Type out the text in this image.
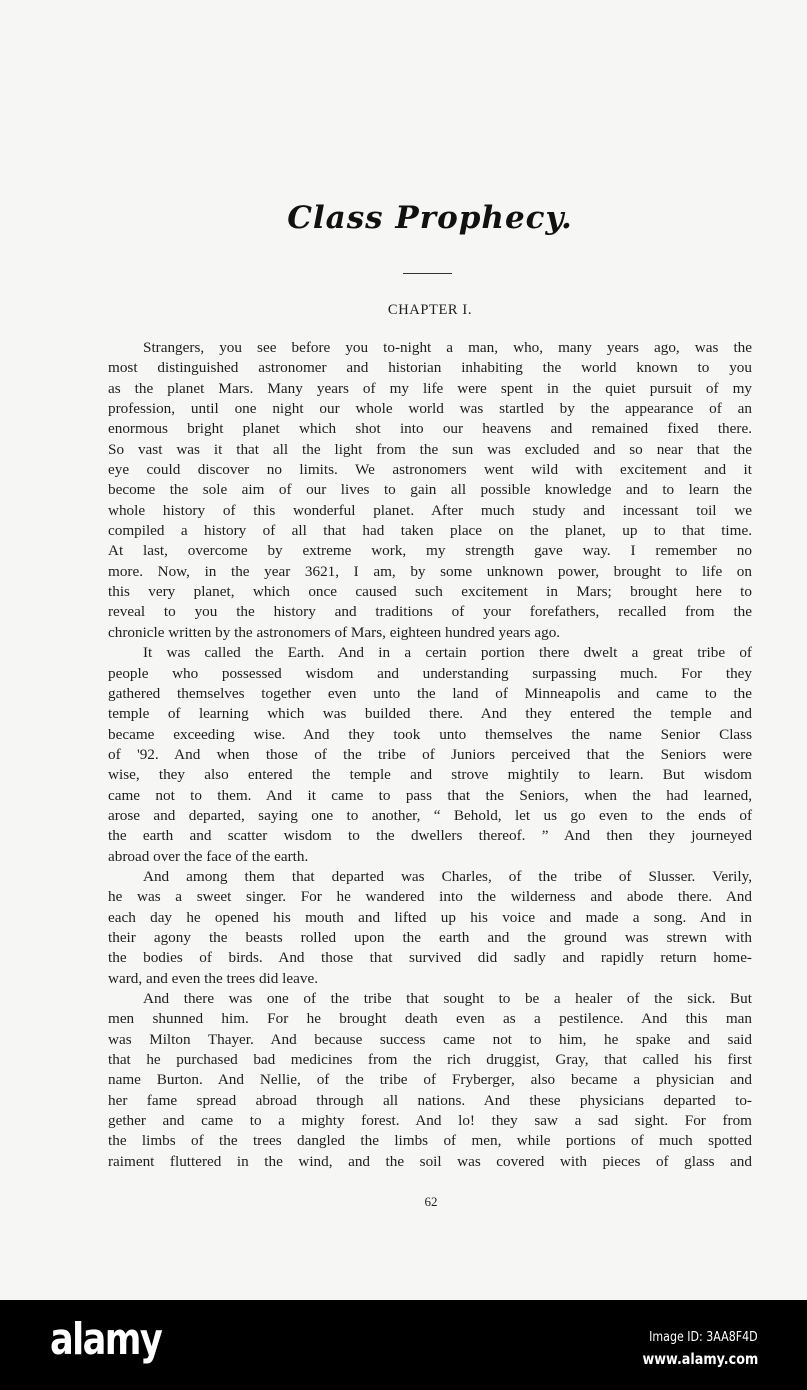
Class Prophecy.
CHAPTER I.
Strangers, you see before you to-night a man, who, many years ago, was the
most distinguished astronomer and historian inhabiting the world known to you
as the planet Mars. Many years of my life were spent in the quiet pursuit of my
profession, until one night our whole world was startled by the appearance of an
enormous bright planet which shot into our heavens and remained fixed there.
So vast was it that all the light from the sun was excluded and so near that the
eye could discover no limits. We astronomers went wild with excitement and it
become the sole aim of our lives to gain all possible knowledge and to learn the
whole history of this wonderful planet. After much study and incessant toil we
compiled a history of all that had taken place on the planet, up to that time.
At last, overcome by extreme work, my strength gave way. I remember no
more. Now, in the year 3621, I am, by some unknown power, brought to life on
this very planet, which once caused such excitement in Mars; brought here to
reveal to you the history and traditions of your forefathers, recalled from the
chronicle written by the astronomers of Mars, eighteen hundred years ago.
It was called the Earth. And in a certain portion there dwelt a great tribe of
people who possessed wisdom and understanding surpassing much. For they
gathered themselves together even unto the land of Minneapolis and came to the
temple of learning which was builded there. And they entered the temple and
became exceeding wise. And they took unto themselves the name Senior Class
of '92. And when those of the tribe of Juniors perceived that the Seniors were
wise, they also entered the temple and strove mightily to learn. But wisdom
came not to them. And it came to pass that the Seniors, when the had learned,
arose and departed, saying one to another, “ Behold, let us go even to the ends of
the earth and scatter wisdom to the dwellers thereof. ” And then they journeyed
abroad over the face of the earth.
And among them that departed was Charles, of the tribe of Slusser. Verily,
he was a sweet singer. For he wandered into the wilderness and abode there. And
each day he opened his mouth and lifted up his voice and made a song. And in
their agony the beasts rolled upon the earth and the ground was strewn with
the bodies of birds. And those that survived did sadly and rapidly return home-
ward, and even the trees did leave.
And there was one of the tribe that sought to be a healer of the sick. But
men shunned him. For he brought death even as a pestilence. And this man
was Milton Thayer. And because success came not to him, he spake and said
that he purchased bad medicines from the rich druggist, Gray, that called his first
name Burton. And Nellie, of the tribe of Fryberger, also became a physician and
her fame spread abroad through all nations. And these physicians departed to-
gether and came to a mighty forest. And lo! they saw a sad sight. For from
the limbs of the trees dangled the limbs of men, while portions of much spotted
raiment fluttered in the wind, and the soil was covered with pieces of glass and
62
alamy	Image ID: 3AA8F4D
www.alamy.com
